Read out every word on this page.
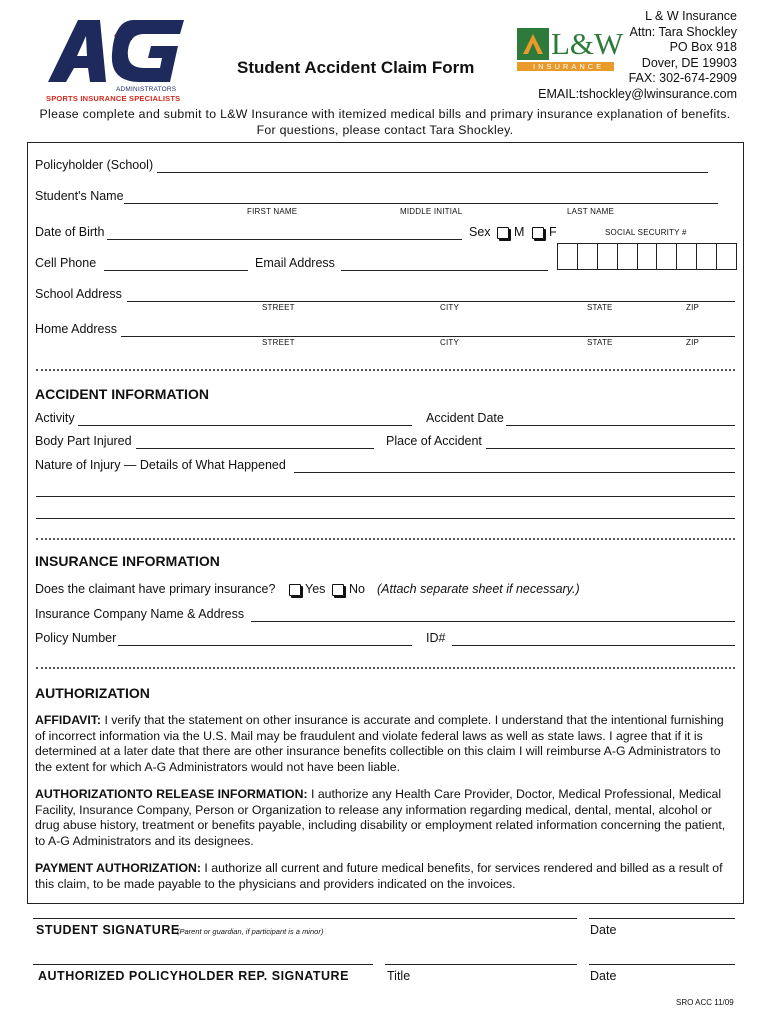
ADMINISTRATORS
SPORTS INSURANCE SPECIALISTS
Student Accident Claim Form
L&W
INSURANCE
L & W Insurance
Attn: Tara Shockley
PO Box 918
Dover, DE 19903
FAX: 302-674-2909
EMAIL:tshockley@lwinsurance.com
Please complete and submit to L&W Insurance with itemized medical bills and primary insurance explanation of benefits.
For questions, please contact Tara Shockley.
Policyholder (School)
Student's Name
FIRST NAME	MIDDLE INITIAL	LAST NAME
Date of Birth	Sex M F	SOCIAL SECURITY #
Cell Phone	Email Address
School Address
STREET	CITY	STATE	ZIP
Home Address
STREET	CITY	STATE	ZIP
ACCIDENT INFORMATION
Activity	Accident Date
Body Part Injured	Place of Accident
Nature of Injury — Details of What Happened
INSURANCE INFORMATION
Does the claimant have primary insurance? Yes No (Attach separate sheet if necessary.)
Insurance Company Name & Address
Policy Number	ID#
AUTHORIZATION
AFFIDAVIT: I verify that the statement on other insurance is accurate and complete. I understand that the intentional furnishing of incorrect information via the U.S. Mail may be fraudulent and violate federal laws as well as state laws. I agree that if it is determined at a later date that there are other insurance benefits collectible on this claim I will reimburse A-G Administrators to the extent for which A-G Administrators would not have been liable.
AUTHORIZATIONTO RELEASE INFORMATION: I authorize any Health Care Provider, Doctor, Medical Professional, Medical Facility, Insurance Company, Person or Organization to release any information regarding medical, dental, mental, alcohol or drug abuse history, treatment or benefits payable, including disability or employment related information concerning the patient, to A-G Administrators and its designees.
PAYMENT AUTHORIZATION: I authorize all current and future medical benefits, for services rendered and billed as a result of this claim, to be made payable to the physicians and providers indicated on the invoices.
STUDENT SIGNATURE
(Parent or guardian, if participant is a minor)	Date
AUTHORIZED POLICYHOLDER REP. SIGNATURE	Title	Date
SRO ACC 11/09
